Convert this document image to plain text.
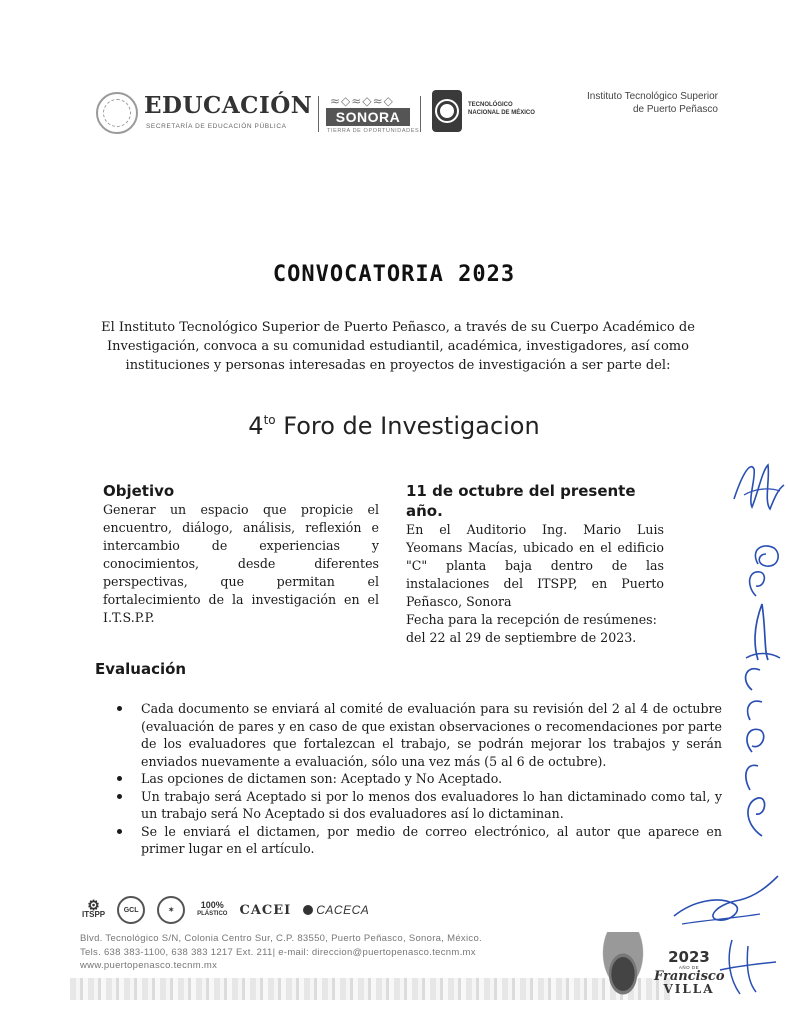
EDUCACIÓN
SECRETARÍA DE EDUCACIÓN PÚBLICA
≈◇≈◇≈◇
SONORA
TIERRA DE OPORTUNIDADES
TECNOLÓGICO
NACIONAL DE MÉXICO
Instituto Tecnológico Superior
de Puerto Peñasco
CONVOCATORIA 2023
El Instituto Tecnológico Superior de Puerto Peñasco, a través de su Cuerpo Académico de Investigación, convoca a su comunidad estudiantil, académica, investigadores, así como instituciones y personas interesadas en proyectos de investigación a ser parte del:
$4^{to}$ Foro de Investigacion

Objetivo

Generar un espacio que propicie el encuentro, diálogo, análisis, reflexión e intercambio de experiencias y conocimientos, desde diferentes perspectivas, que permitan el fortalecimiento de la investigación en el I.T.S.P.P.

11 de octubre del presente año.

En el Auditorio Ing. Mario Luis Yeomans Macías, ubicado en el edificio "C" planta baja dentro de las instalaciones del ITSPP, en Puerto Peñasco, Sonora

Fecha para la recepción de resúmenes: del 22 al 29 de septiembre de 2023.

Evaluación
Cada documento se enviará al comité de evaluación para su revisión del 2 al 4 de octubre (evaluación de pares y en caso de que existan observaciones o recomendaciones por parte de los evaluadores que fortalezcan el trabajo, se podrán mejorar los trabajos y serán enviados nuevamente a evaluación, sólo una vez más (5 al 6 de octubre).
Las opciones de dictamen son: Aceptado y No Aceptado.
Un trabajo será Aceptado si por lo menos dos evaluadores lo han dictaminado como tal, y un trabajo será No Aceptado si dos evaluadores así lo dictaminan.
Se le enviará el dictamen, por medio de correo electrónico, al autor que aparece en primer lugar en el artículo.
⚙
ITSPP	GCL	✶
100%
PLÁSTICO CACEI	CACECA
Blvd. Tecnológico S/N, Colonia Centro Sur, C.P. 83550, Puerto Peñasco, Sonora, México.
Tels. 638 383-1100, 638 383 1217 Ext. 211| e-mail: direccion@puertopenasco.tecnm.mx
www.puertopenasco.tecnm.mx	2023
AÑO DE
Francisco
VILLA
